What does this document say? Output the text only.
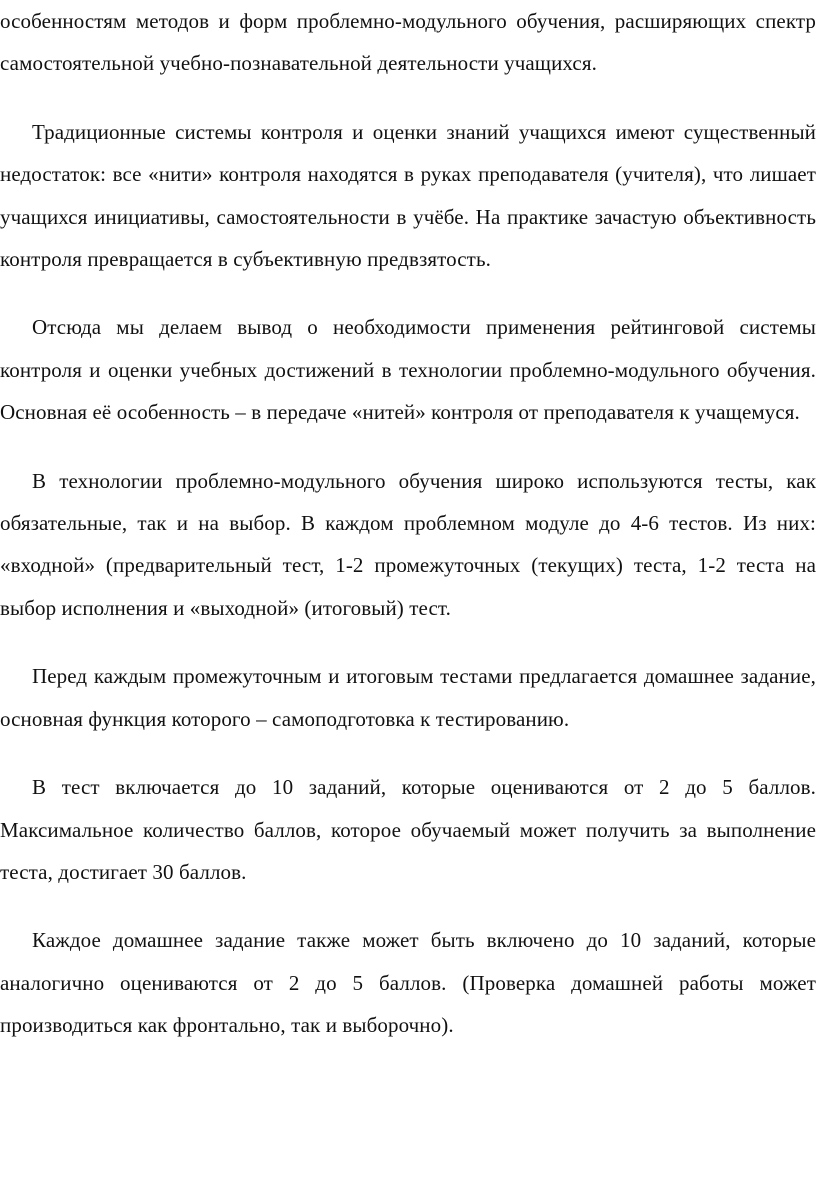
особенностям методов и форм проблемно-модульного обучения, расширяющих спектр самостоятельной учебно-познавательной деятельности учащихся.

Традиционные системы контроля и оценки знаний учащихся имеют существенный недостаток: все «нити» контроля находятся в руках преподавателя (учителя), что лишает учащихся инициативы, самостоятельности в учёбе. На практике зачастую объективность контроля превращается в субъективную предвзятость.

Отсюда мы делаем вывод о необходимости применения рейтинговой системы контроля и оценки учебных достижений в технологии проблемно-модульного обучения. Основная её особенность – в передаче «нитей» контроля от преподавателя к учащемуся.

В технологии проблемно-модульного обучения широко используются тесты, как обязательные, так и на выбор. В каждом проблемном модуле до 4-6 тестов. Из них: «входной» (предварительный тест, 1-2 промежуточных (текущих) теста, 1-2 теста на выбор исполнения и «выходной» (итоговый) тест.

Перед каждым промежуточным и итоговым тестами предлагается домашнее задание, основная функция которого – самоподготовка к тестированию.

В тест включается до 10 заданий, которые оцениваются от 2 до 5 баллов. Максимальное количество баллов, которое обучаемый может получить за выполнение теста, достигает 30 баллов.

Каждое домашнее задание также может быть включено до 10 заданий, которые аналогично оцениваются от 2 до 5 баллов. (Проверка домашней работы может производиться как фронтально, так и выборочно).
